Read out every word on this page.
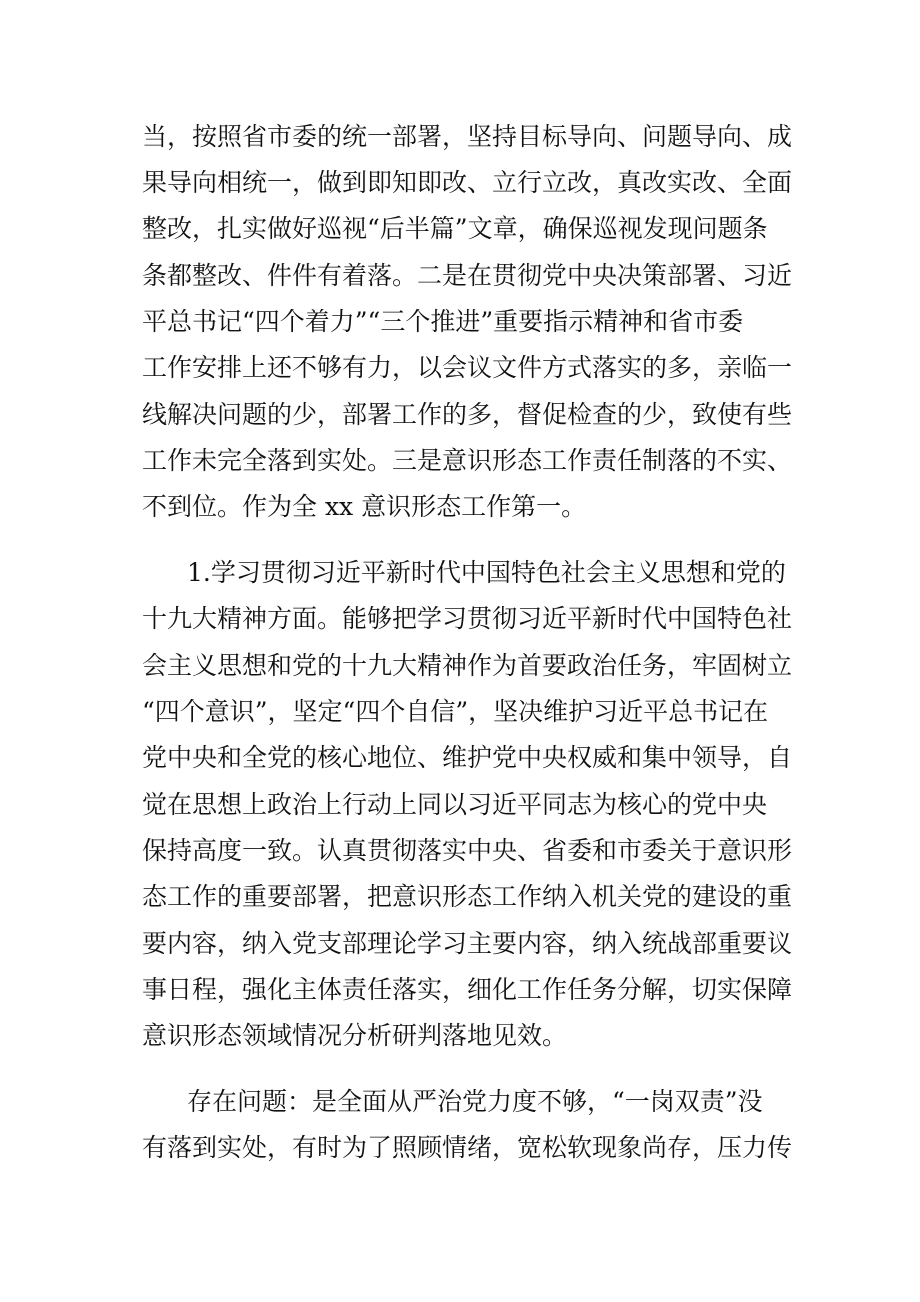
当，按照省市委的统一部署，坚持目标导向、问题导向、成

果导向相统一，做到即知即改、立行立改，真改实改、全面

整改，扎实做好巡视“后半篇”文章，确保巡视发现问题条

条都整改、件件有着落。二是在贯彻党中央决策部署、习近

平总书记“四个着力”“三个推进”重要指示精神和省市委

工作安排上还不够有力，以会议文件方式落实的多，亲临一

线解决问题的少，部署工作的多，督促检查的少，致使有些

工作未完全落到实处。三是意识形态工作责任制落的不实、

不到位。作为全 xx 意识形态工作第一。

1.学习贯彻习近平新时代中国特色社会主义思想和党的

十九大精神方面。能够把学习贯彻习近平新时代中国特色社

会主义思想和党的十九大精神作为首要政治任务，牢固树立

“四个意识”，坚定“四个自信”，坚决维护习近平总书记在

党中央和全党的核心地位、维护党中央权威和集中领导，自

觉在思想上政治上行动上同以习近平同志为核心的党中央

保持高度一致。认真贯彻落实中央、省委和市委关于意识形

态工作的重要部署，把意识形态工作纳入机关党的建设的重

要内容，纳入党支部理论学习主要内容，纳入统战部重要议

事日程，强化主体责任落实，细化工作任务分解，切实保障

意识形态领域情况分析研判落地见效。

存在问题：是全面从严治党力度不够，“一岗双责”没

有落到实处，有时为了照顾情绪，宽松软现象尚存，压力传
